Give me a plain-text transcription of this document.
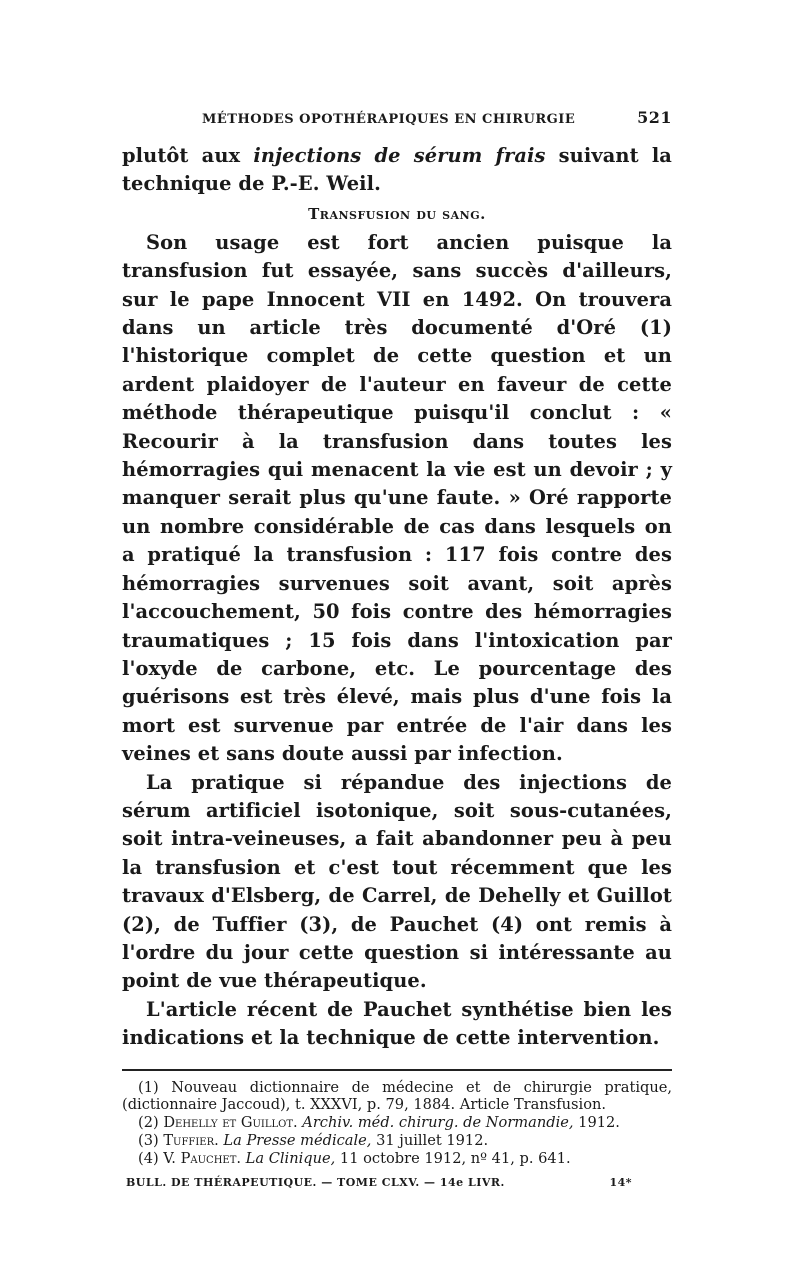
MÉTHODES OPOTHÉRAPIQUES EN CHIRURGIE	521

plutôt aux injections de sérum frais suivant la technique de P.-E. Weil.

Transfusion du sang.

Son usage est fort ancien puisque la transfusion fut essayée, sans succès d'ailleurs, sur le pape Innocent VII en 1492. On trouvera dans un article très documenté d'Oré (1) l'historique complet de cette question et un ardent plaidoyer de l'auteur en faveur de cette méthode thérapeutique puisqu'il conclut : « Recourir à la transfusion dans toutes les hémorragies qui menacent la vie est un devoir ; y manquer serait plus qu'une faute. » Oré rapporte un nombre considérable de cas dans lesquels on a pratiqué la transfusion : 117 fois contre des hémorragies survenues soit avant, soit après l'accouchement, 50 fois contre des hémorragies traumatiques ; 15 fois dans l'intoxication par l'oxyde de carbone, etc. Le pourcentage des guérisons est très élevé, mais plus d'une fois la mort est survenue par entrée de l'air dans les veines et sans doute aussi par infection.

La pratique si répandue des injections de sérum artificiel isotonique, soit sous-cutanées, soit intra-veineuses, a fait abandonner peu à peu la transfusion et c'est tout récemment que les travaux d'Elsberg, de Carrel, de Dehelly et Guillot (2), de Tuffier (3), de Pauchet (4) ont remis à l'ordre du jour cette question si intéressante au point de vue thérapeutique.

L'article récent de Pauchet synthétise bien les indications et la technique de cette intervention.

(1) Nouveau dictionnaire de médecine et de chirurgie pratique, (dictionnaire Jaccoud), t. XXXVI, p. 79, 1884. Article Transfusion.

(2) Dehelly et Guillot. Archiv. méd. chirurg. de Normandie, 1912.

(3) Tuffier. La Presse médicale, 31 juillet 1912.

(4) V. Pauchet. La Clinique, 11 octobre 1912, nº 41, p. 641.

BULL. DE THÉRAPEUTIQUE. — TOME CLXV. — 14e LIVR.	14*
